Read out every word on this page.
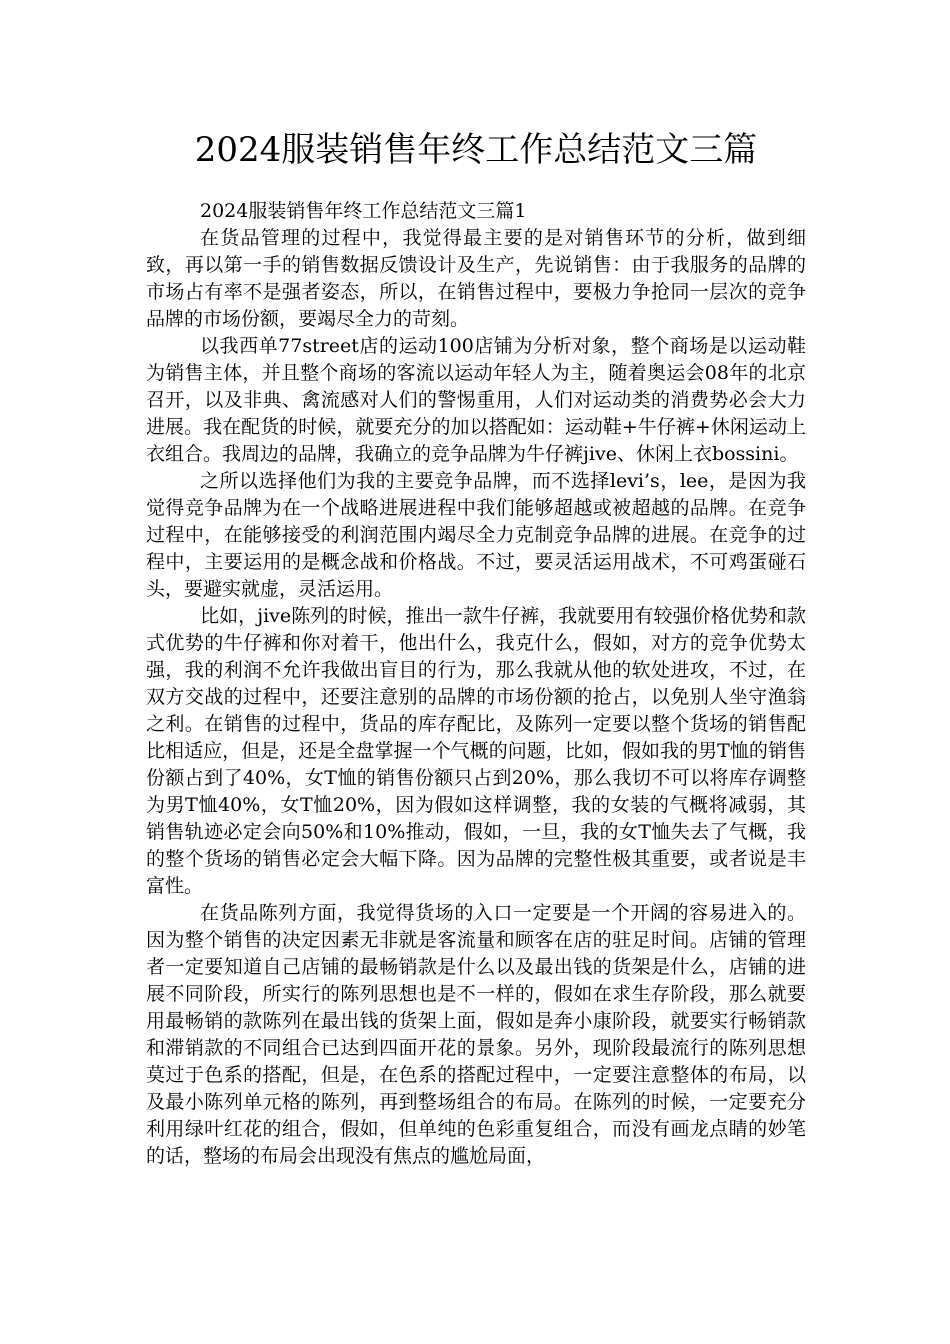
2024服装销售年终工作总结范文三篇

2024服装销售年终工作总结范文三篇1

在货品管理的过程中，我觉得最主要的是对销售环节的分析，做到细致，再以第一手的销售数据反馈设计及生产，先说销售：由于我服务的品牌的市场占有率不是强者姿态，所以，在销售过程中，要极力争抢同一层次的竞争品牌的市场份额，要竭尽全力的苛刻。

以我西单77street店的运动100店铺为分析对象，整个商场是以运动鞋为销售主体，并且整个商场的客流以运动年轻人为主，随着奥运会08年的北京召开，以及非典、禽流感对人们的警惕重用，人们对运动类的消费势必会大力进展。我在配货的时候，就要充分的加以搭配如：运动鞋+牛仔裤+休闲运动上衣组合。我周边的品牌，我确立的竞争品牌为牛仔裤jive、休闲上衣bossini。

之所以选择他们为我的主要竞争品牌，而不选择levi’s，lee，是因为我觉得竞争品牌为在一个战略进展进程中我们能够超越或被超越的品牌。在竞争过程中，在能够接受的利润范围内竭尽全力克制竞争品牌的进展。在竞争的过程中，主要运用的是概念战和价格战。不过，要灵活运用战术，不可鸡蛋碰石头，要避实就虚，灵活运用。

比如，jive陈列的时候，推出一款牛仔裤，我就要用有较强价格优势和款式优势的牛仔裤和你对着干，他出什么，我克什么，假如，对方的竞争优势太强，我的利润不允许我做出盲目的行为，那么我就从他的软处进攻，不过，在双方交战的过程中，还要注意别的品牌的市场份额的抢占，以免别人坐守渔翁之利。在销售的过程中，货品的库存配比，及陈列一定要以整个货场的销售配比相适应，但是，还是全盘掌握一个气概的问题，比如，假如我的男T恤的销售份额占到了40%，女T恤的销售份额只占到20%，那么我切不可以将库存调整为男T恤40%，女T恤20%，因为假如这样调整，我的女装的气概将减弱，其销售轨迹必定会向50%和10%推动，假如，一旦，我的女T恤失去了气概，我的整个货场的销售必定会大幅下降。因为品牌的完整性极其重要，或者说是丰富性。

在货品陈列方面，我觉得货场的入口一定要是一个开阔的容易进入的。因为整个销售的决定因素无非就是客流量和顾客在店的驻足时间。店铺的管理者一定要知道自己店铺的最畅销款是什么以及最出钱的货架是什么，店铺的进展不同阶段，所实行的陈列思想也是不一样的，假如在求生存阶段，那么就要用最畅销的款陈列在最出钱的货架上面，假如是奔小康阶段，就要实行畅销款和滞销款的不同组合已达到四面开花的景象。另外，现阶段最流行的陈列思想莫过于色系的搭配，但是，在色系的搭配过程中，一定要注意整体的布局，以及最小陈列单元格的陈列，再到整场组合的布局。在陈列的时候，一定要充分利用绿叶红花的组合，假如，但单纯的色彩重复组合，而没有画龙点睛的妙笔的话，整场的布局会出现没有焦点的尴尬局面，
